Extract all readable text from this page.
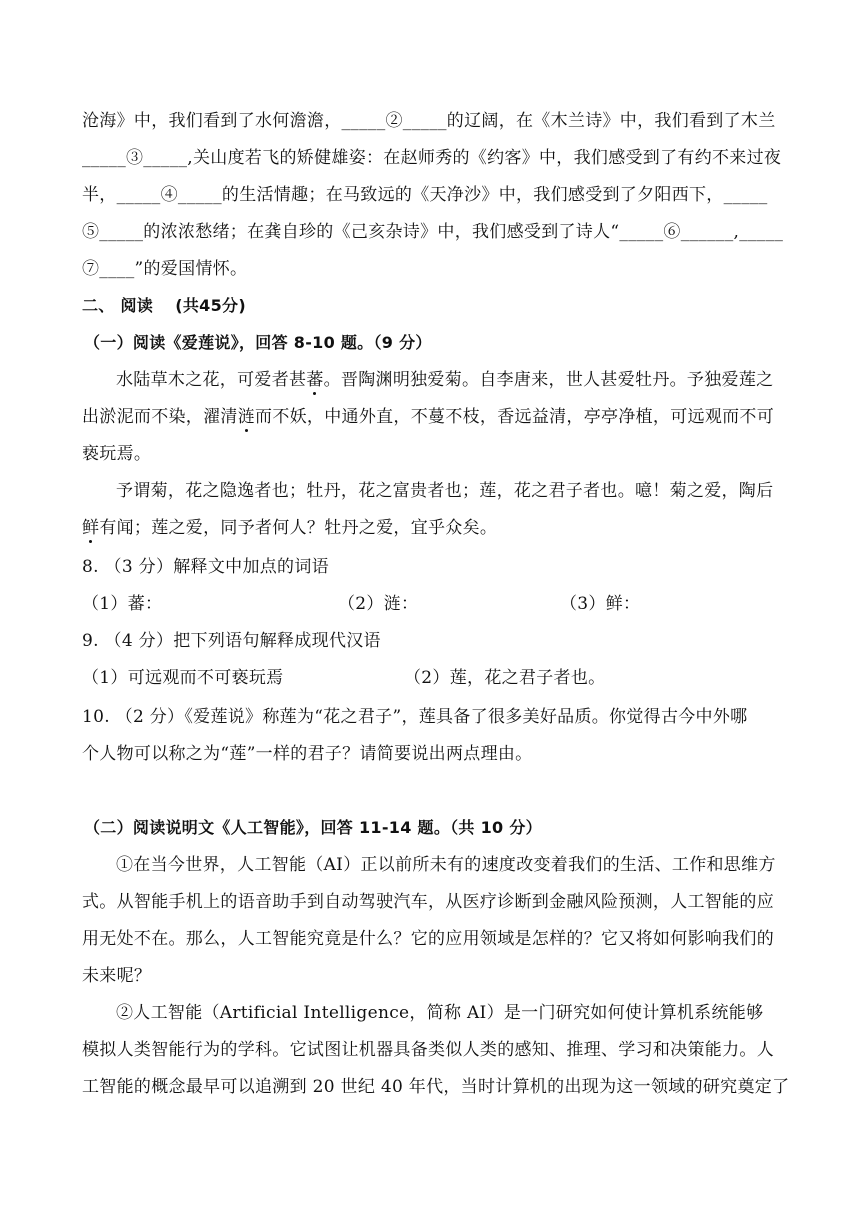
沧海》中，我们看到了水何澹澹，_____②_____的辽阔，在《木兰诗》中，我们看到了木兰
_____③_____,关山度若飞的矫健雄姿：在赵师秀的《约客》中，我们感受到了有约不来过夜
半，_____④_____的生活情趣；在马致远的《天净沙》中，我们感受到了夕阳西下，_____
⑤_____的浓浓愁绪；在龚自珍的《己亥杂诗》中，我们感受到了诗人“_____⑥______,_____
⑦____”的爱国情怀。
二、 阅读 　(共45分)
（一）阅读《爱莲说》，回答 8-10 题。（9 分）
水陆草木之花，可爱者甚蕃。晋陶渊明独爱菊。自李唐来，世人甚爱牡丹。予独爱莲之
出淤泥而不染，濯清涟而不妖，中通外直，不蔓不枝，香远益清，亭亭净植，可远观而不可
亵玩焉。
予谓菊，花之隐逸者也；牡丹，花之富贵者也；莲，花之君子者也。噫！菊之爱，陶后
鲜有闻；莲之爱，同予者何人？牡丹之爱，宜乎众矣。
8. （3 分）解释文中加点的词语
（1）蕃：	（2）涟：	（3）鲜：
9. （4 分）把下列语句解释成现代汉语
（1）可远观而不可亵玩焉	（2）莲，花之君子者也。
10. （2 分）《爱莲说》称莲为“花之君子”，莲具备了很多美好品质。你觉得古今中外哪
个人物可以称之为“莲”一样的君子？请简要说出两点理由。
（二）阅读说明文《人工智能》，回答 11-14 题。（共 10 分）
①在当今世界，人工智能（AI）正以前所未有的速度改变着我们的生活、工作和思维方
式。从智能手机上的语音助手到自动驾驶汽车，从医疗诊断到金融风险预测，人工智能的应
用无处不在。那么，人工智能究竟是什么？它的应用领域是怎样的？它又将如何影响我们的
未来呢？
②人工智能（Artificial Intelligence，简称 AI）是一门研究如何使计算机系统能够
模拟人类智能行为的学科。它试图让机器具备类似人类的感知、推理、学习和决策能力。人
工智能的概念最早可以追溯到 20 世纪 40 年代，当时计算机的出现为这一领域的研究奠定了
